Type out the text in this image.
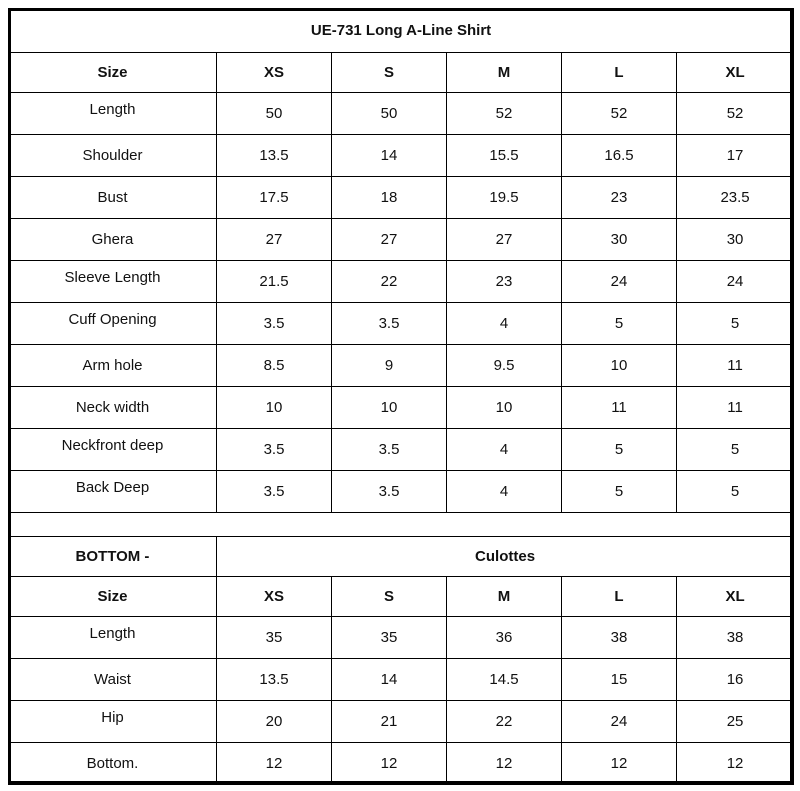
UE-731 Long A-Line Shirt					
Size	XS	S	M	L	XL
Length	50	50	52	52	52
Shoulder	13.5	14	15.5	16.5	17
Bust	17.5	18	19.5	23	23.5
Ghera	27	27	27	30	30
Sleeve Length	21.5	22	23	24	24
Cuff Opening	3.5	3.5	4	5	5
Arm hole	8.5	9	9.5	10	11
Neck width	10	10	10	11	11
Neckfront deep	3.5	3.5	4	5	5
Back Deep	3.5	3.5	4	5	5

BOTTOM -	Culottes				
Size	XS	S	M	L	XL
Length	35	35	36	38	38
Waist	13.5	14	14.5	15	16
Hip	20	21	22	24	25
Bottom.	12	12	12	12	12
